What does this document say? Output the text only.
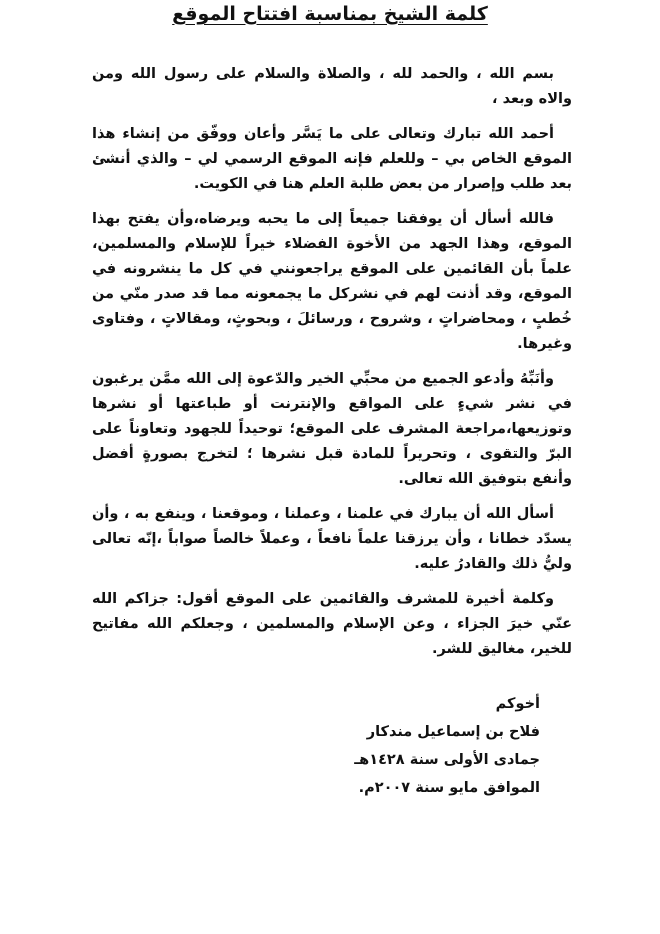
كلمة الشيخ بمناسبة افتتاح الموقع

بسم الله ، والحمد لله ، والصلاة والسلام على رسول الله ومن والاه وبعد ،

أحمد الله تبارك وتعالى على ما يَسَّر وأعان ووفّق من إنشاء هذا الموقع الخاص بي – وللعلم فإنه الموقع الرسمي لي – والذي أنشئ بعد طلب وإصرار من بعض طلبة العلم هنا في الكويت.

فالله أسأل أن يوفقنا جميعاً إلى ما يحبه ويرضاه،وأن يفتح بهذا الموقع، وهذا الجهد من الأخوة الفضلاء خيراً للإسلام والمسلمين، علماً بأن القائمين على الموقع يراجعونني في كل ما ينشرونه في الموقع، وقد أذنت لهم في نشركل ما يجمعونه مما قد صدر منّي من خُطبٍ ، ومحاضراتٍ ، وشروح ، ورسائلَ ، وبحوثٍ، ومقالاتٍ ، وفتاوى وغيرها.

وأنَبِّهُ وأدعو الجميع من محبِّي الخير والدّعوة إلى الله ممَّن يرغبون في نشر شيءٍ على المواقع والإنترنت أو طباعتها أو نشرها وتوزيعها،مراجعة المشرف على الموقع؛ توحيداً للجهود وتعاوناً على البرّ والتقوى ، وتحريراً للمادة قبل نشرها ؛ لتخرج بصورةٍ أفضل وأنفع بتوفيق الله تعالى.

أسأل الله أن يبارك في علمنا ، وعملنا ، وموقعنا ، وينفع به ، وأن يسدّد خطانا ، وأن يرزقنا علماً نافعاً ، وعملاً خالصاً صواباً ،إنّه تعالى وليُّ ذلك والقادرُ عليه.

وكلمة أخيرة للمشرف والقائمين على الموقع أقول: جزاكم الله عنّي خيرَ الجزاء ، وعن الإسلام والمسلمين ، وجعلكم الله مفاتيح للخير، مغاليق للشر.

أخوكم

فلاح بن إسماعيل مندكار

جمادى الأولى سنة ١٤٢٨هـ

الموافق مايو سنة ٢٠٠٧م.
